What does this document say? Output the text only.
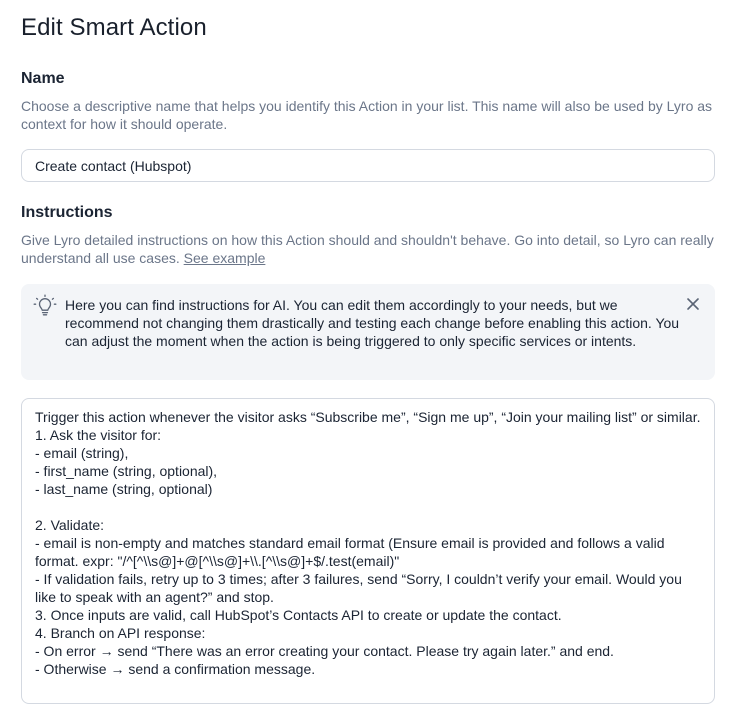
Edit Smart Action
Name

Choose a descriptive name that helps you identify this Action in your list. This name will also be used by Lyro as context for how it should operate.

Create contact (Hubspot)
Instructions

Give Lyro detailed instructions on how this Action should and shouldn't behave. Go into detail, so Lyro can really understand all use cases. See example

Here you can find instructions for AI. You can edit them accordingly to your needs, but we recommend not changing them drastically and testing each change before enabling this action. You can adjust the moment when the action is being triggered to only specific services or intents.

Trigger this action whenever the visitor asks “Subscribe me”, “Sign me up”, “Join your mailing list” or similar. 1. Ask the visitor for: - email (string), - first_name (string, optional), - last_name (string, optional) 2. Validate: - email is non-empty and matches standard email format (Ensure email is provided and follows a valid format. expr: "/^[^\\s@]+@[^\\s@]+\\.[^\\s@]+$/.test(email)" - If validation fails, retry up to 3 times; after 3 failures, send “Sorry, I couldn’t verify your email. Would you like to speak with an agent?” and stop. 3. Once inputs are valid, call HubSpot’s Contacts API to create or update the contact. 4. Branch on API response: - On error → send “There was an error creating your contact. Please try again later.” and end. - Otherwise → send a confirmation message.
